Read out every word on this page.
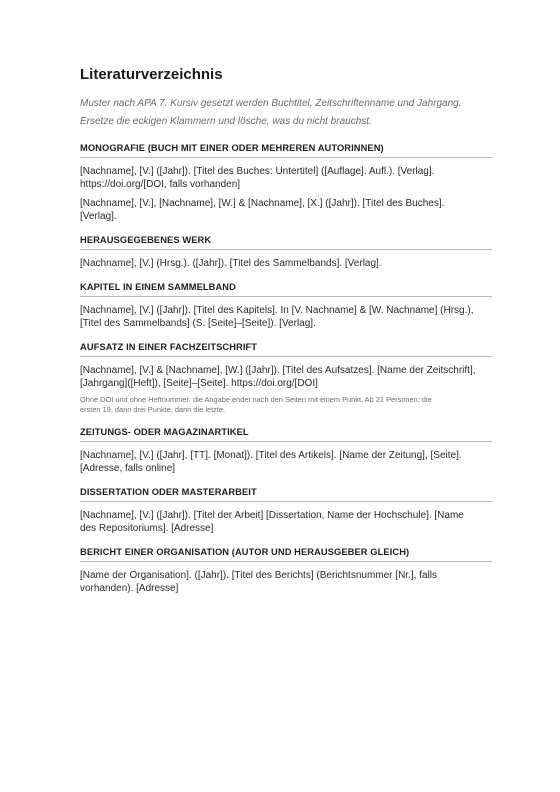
Literaturverzeichnis
Muster nach APA 7. Kursiv gesetzt werden Buchtitel, Zeitschriftenname und Jahrgang.
Ersetze die eckigen Klammern und lösche, was du nicht brauchst.
MONOGRAFIE (BUCH MIT EINER ODER MEHREREN AUTORINNEN)
[Nachname], [V.] ([Jahr]). [Titel des Buches: Untertitel] ([Auflage]. Aufl.). [Verlag].
https://doi.org/[DOI, falls vorhanden]
[Nachname], [V.], [Nachname], [W.] & [Nachname], [X.] ([Jahr]). [Titel des Buches].
[Verlag].
HERAUSGEGEBENES WERK
[Nachname], [V.] (Hrsg.). ([Jahr]). [Titel des Sammelbands]. [Verlag].
KAPITEL IN EINEM SAMMELBAND
[Nachname], [V.] ([Jahr]). [Titel des Kapitels]. In [V. Nachname] & [W. Nachname] (Hrsg.),
[Titel des Sammelbands] (S. [Seite]–[Seite]). [Verlag].
AUFSATZ IN EINER FACHZEITSCHRIFT
[Nachname], [V.] & [Nachname], [W.] ([Jahr]). [Titel des Aufsatzes]. [Name der Zeitschrift],
[Jahrgang]([Heft]), [Seite]–[Seite]. https://doi.org/[DOI]
Ohne DOI und ohne Heftnummer: die Angabe endet nach den Seiten mit einem Punkt. Ab 21 Personen: die
ersten 19, dann drei Punkte, dann die letzte.
ZEITUNGS- ODER MAGAZINARTIKEL
[Nachname], [V.] ([Jahr], [TT]. [Monat]). [Titel des Artikels]. [Name der Zeitung], [Seite].
[Adresse, falls online]
DISSERTATION ODER MASTERARBEIT
[Nachname], [V.] ([Jahr]). [Titel der Arbeit] [Dissertation, Name der Hochschule]. [Name
des Repositoriums]. [Adresse]
BERICHT EINER ORGANISATION (AUTOR UND HERAUSGEBER GLEICH)
[Name der Organisation]. ([Jahr]). [Titel des Berichts] (Berichtsnummer [Nr.], falls
vorhanden). [Adresse]
